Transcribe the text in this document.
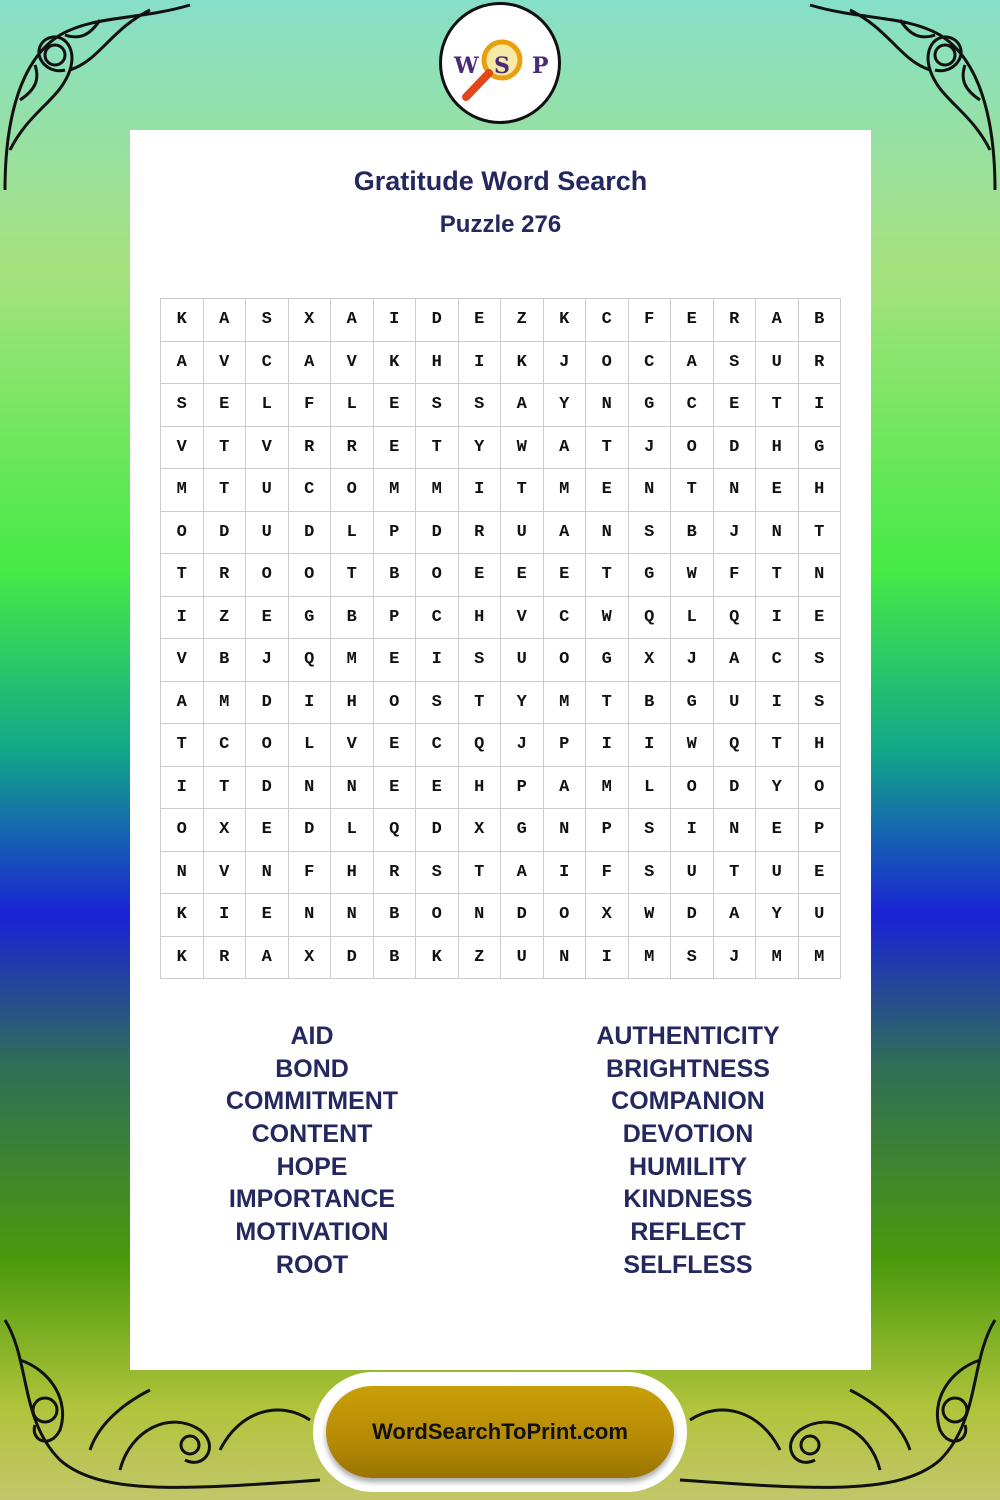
W S P
Gratitude Word Search
Puzzle 276
K	A	S	X	A	I	D	E	Z	K	C	F	E	R	A	B
A	V	C	A	V	K	H	I	K	J	O	C	A	S	U	R
S	E	L	F	L	E	S	S	A	Y	N	G	C	E	T	I
V	T	V	R	R	E	T	Y	W	A	T	J	O	D	H	G
M	T	U	C	O	M	M	I	T	M	E	N	T	N	E	H
O	D	U	D	L	P	D	R	U	A	N	S	B	J	N	T
T	R	O	O	T	B	O	E	E	E	T	G	W	F	T	N
I	Z	E	G	B	P	C	H	V	C	W	Q	L	Q	I	E
V	B	J	Q	M	E	I	S	U	O	G	X	J	A	C	S
A	M	D	I	H	O	S	T	Y	M	T	B	G	U	I	S
T	C	O	L	V	E	C	Q	J	P	I	I	W	Q	T	H
I	T	D	N	N	E	E	H	P	A	M	L	O	D	Y	O
O	X	E	D	L	Q	D	X	G	N	P	S	I	N	E	P
N	V	N	F	H	R	S	T	A	I	F	S	U	T	U	E
K	I	E	N	N	B	O	N	D	O	X	W	D	A	Y	U
K	R	A	X	D	B	K	Z	U	N	I	M	S	J	M	M
AID
BOND
COMMITMENT
CONTENT
HOPE
IMPORTANCE
MOTIVATION
ROOT
AUTHENTICITY
BRIGHTNESS
COMPANION
DEVOTION
HUMILITY
KINDNESS
REFLECT
SELFLESS
WordSearchToPrint.com
